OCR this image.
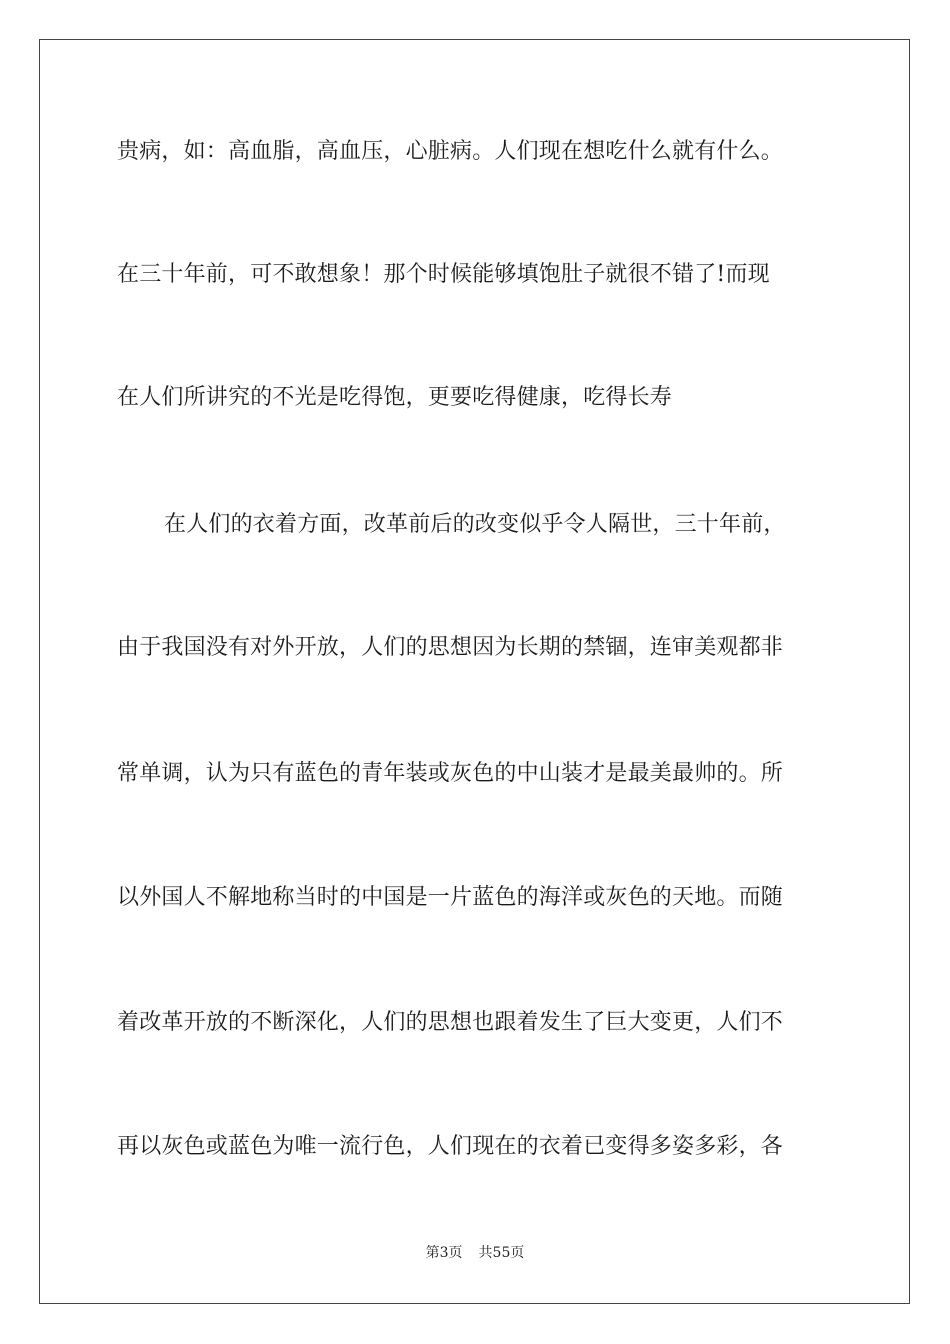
贵病，如：高血脂，高血压，心脏病。人们现在想吃什么就有什么。
在三十年前，可不敢想象！那个时候能够填饱肚子就很不错了!而现
在人们所讲究的不光是吃得饱，更要吃得健康，吃得长寿
在人们的衣着方面，改革前后的改变似乎令人隔世，三十年前，
由于我国没有对外开放，人们的思想因为长期的禁锢，连审美观都非
常单调，认为只有蓝色的青年装或灰色的中山装才是最美最帅的。所
以外国人不解地称当时的中国是一片蓝色的海洋或灰色的天地。而随
着改革开放的不断深化，人们的思想也跟着发生了巨大变更，人们不
再以灰色或蓝色为唯一流行色，人们现在的衣着已变得多姿多彩，各
第3页 共55页
